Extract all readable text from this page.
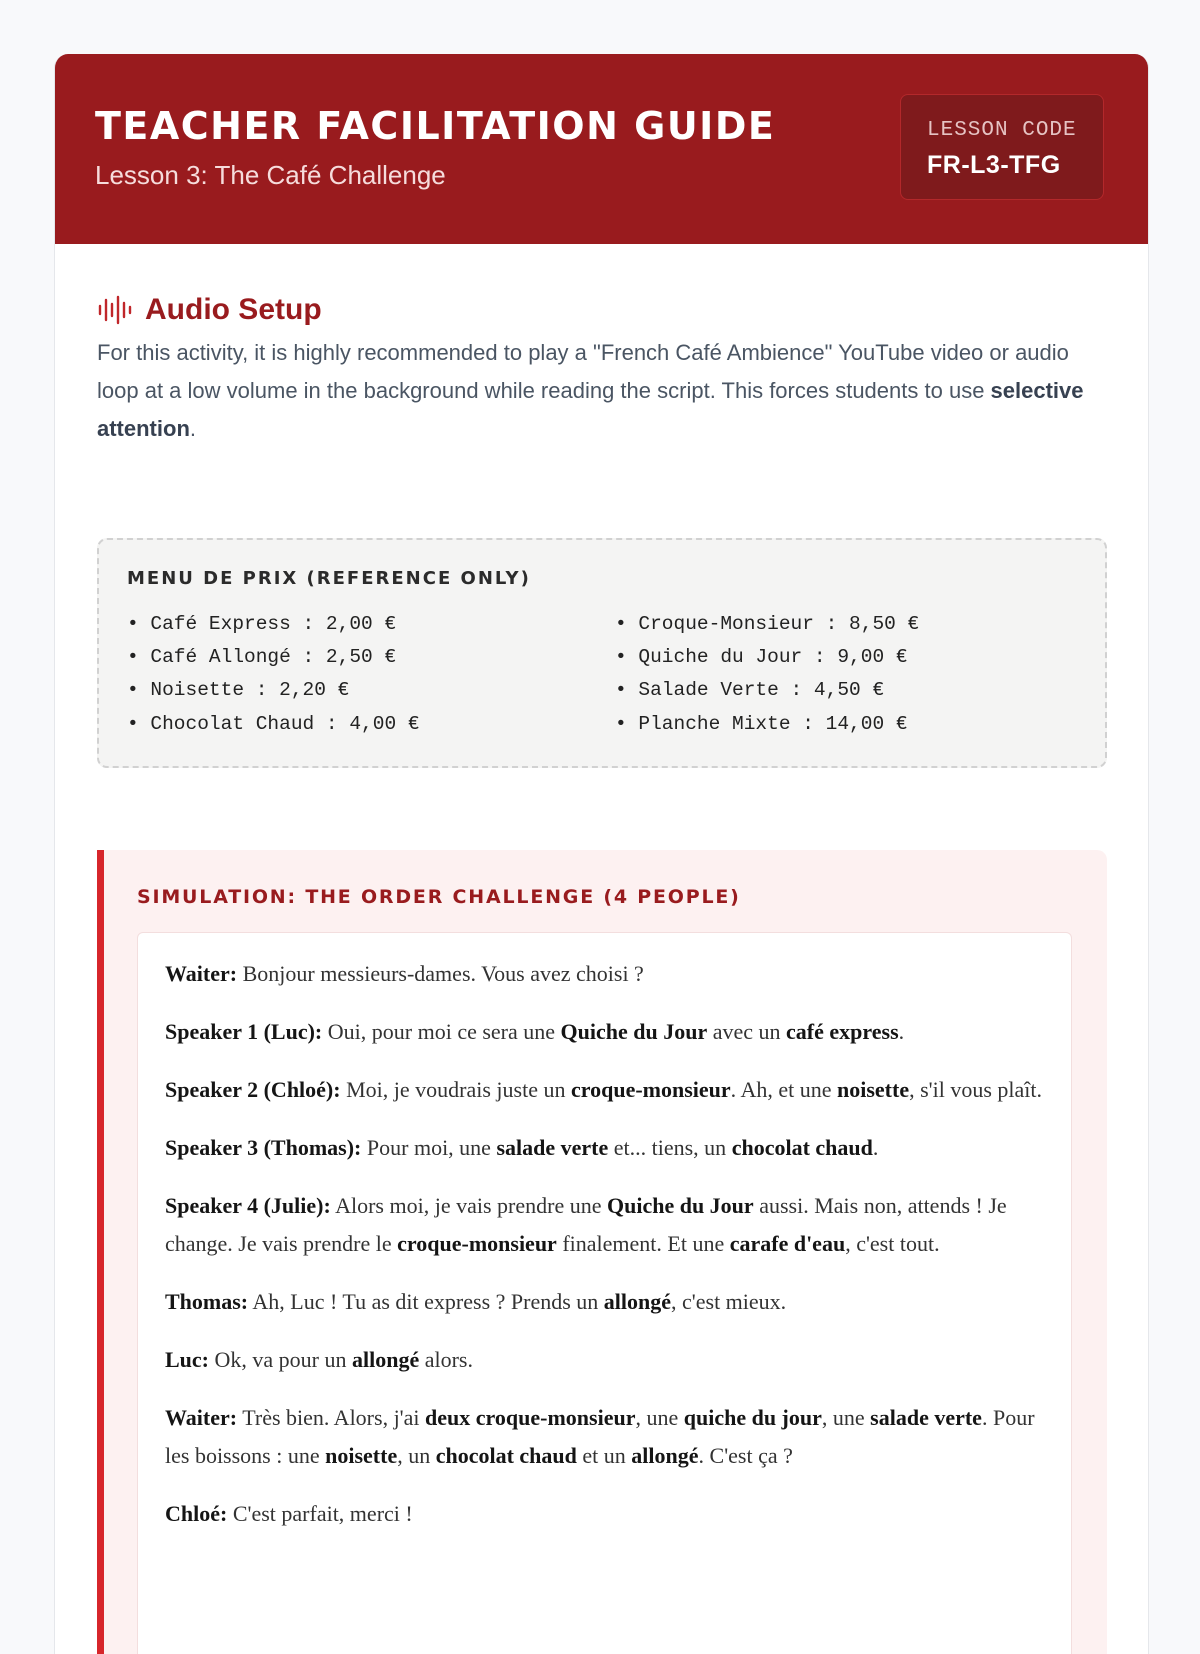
TEACHER FACILITATION GUIDE
Lesson 3: The Café Challenge
LESSON CODE
FR-L3-TFG
Audio Setup

For this activity, it is highly recommended to play a "French Café Ambience" YouTube video or audio loop at a low volume in the background while reading the script. This forces students to use selective attention.

MENU DE PRIX (REFERENCE ONLY)
• Café Express : 2,00 €
• Café Allongé : 2,50 €
• Noisette : 2,20 €
• Chocolat Chaud : 4,00 €
• Croque-Monsieur : 8,50 €
• Quiche du Jour : 9,00 €
• Salade Verte : 4,50 €
• Planche Mixte : 14,00 €
SIMULATION: THE ORDER CHALLENGE (4 PEOPLE)

Waiter: Bonjour messieurs-dames. Vous avez choisi ?

Speaker 1 (Luc): Oui, pour moi ce sera une Quiche du Jour avec un café express.

Speaker 2 (Chloé): Moi, je voudrais juste un croque-monsieur. Ah, et une noisette, s'il vous plaît.

Speaker 3 (Thomas): Pour moi, une salade verte et... tiens, un chocolat chaud.

Speaker 4 (Julie): Alors moi, je vais prendre une Quiche du Jour aussi. Mais non, attends ! Je change. Je vais prendre le croque-monsieur finalement. Et une carafe d'eau, c'est tout.

Thomas: Ah, Luc ! Tu as dit express ? Prends un allongé, c'est mieux.

Luc: Ok, va pour un allongé alors.

Waiter: Très bien. Alors, j'ai deux croque-monsieur, une quiche du jour, une salade verte. Pour les boissons : une noisette, un chocolat chaud et un allongé. C'est ça ?

Chloé: C'est parfait, merci !
